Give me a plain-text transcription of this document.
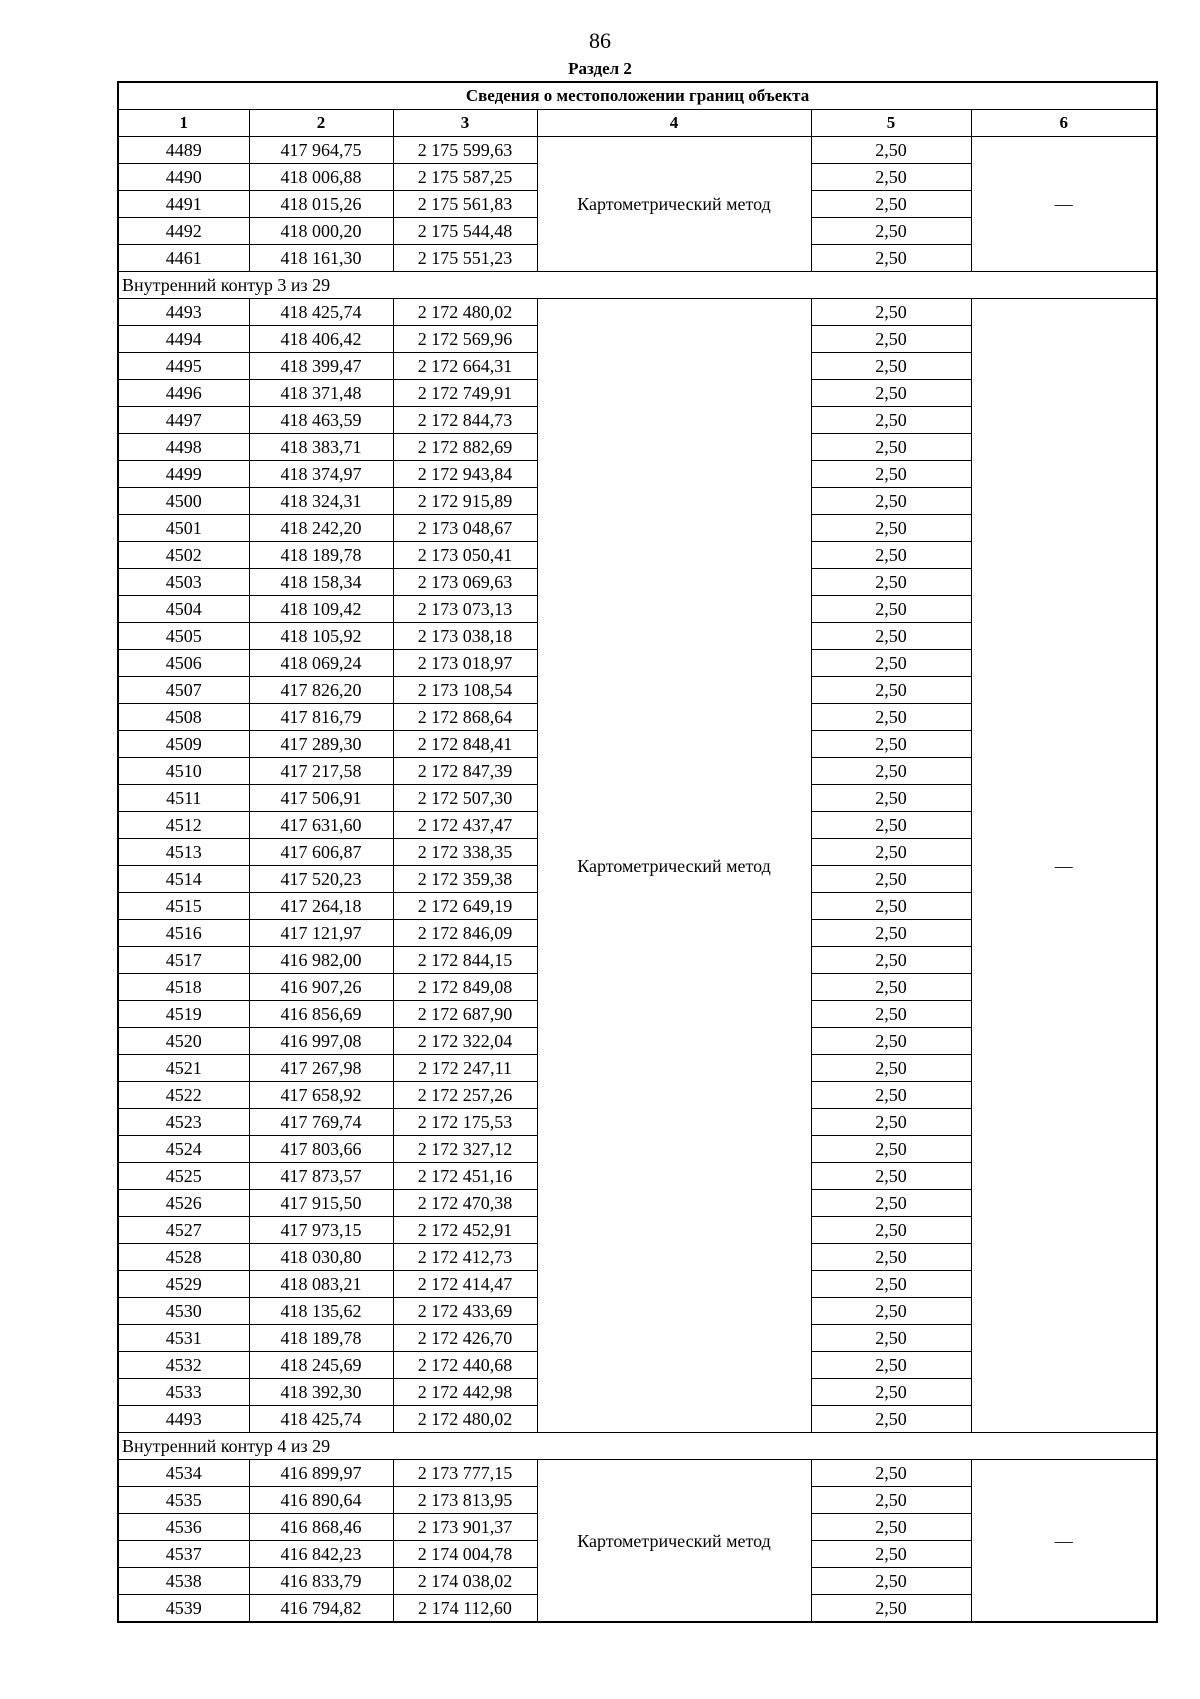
86
Раздел 2
Сведения о местоположении границ объекта					
1	2	3	4	5	6
4489	417 964,75	2 175 599,63	Картометрический метод	2,50	—
4490	418 006,88	2 175 587,25		2,50	
4491	418 015,26	2 175 561,83		2,50	
4492	418 000,20	2 175 544,48		2,50	
4461	418 161,30	2 175 551,23		2,50	
Внутренний контур 3 из 29					
4493	418 425,74	2 172 480,02	Картометрический метод	2,50	—
4494	418 406,42	2 172 569,96		2,50	
4495	418 399,47	2 172 664,31		2,50	
4496	418 371,48	2 172 749,91		2,50	
4497	418 463,59	2 172 844,73		2,50	
4498	418 383,71	2 172 882,69		2,50	
4499	418 374,97	2 172 943,84		2,50	
4500	418 324,31	2 172 915,89		2,50	
4501	418 242,20	2 173 048,67		2,50	
4502	418 189,78	2 173 050,41		2,50	
4503	418 158,34	2 173 069,63		2,50	
4504	418 109,42	2 173 073,13		2,50	
4505	418 105,92	2 173 038,18		2,50	
4506	418 069,24	2 173 018,97		2,50	
4507	417 826,20	2 173 108,54		2,50	
4508	417 816,79	2 172 868,64		2,50	
4509	417 289,30	2 172 848,41		2,50	
4510	417 217,58	2 172 847,39		2,50	
4511	417 506,91	2 172 507,30		2,50	
4512	417 631,60	2 172 437,47		2,50	
4513	417 606,87	2 172 338,35		2,50	
4514	417 520,23	2 172 359,38		2,50	
4515	417 264,18	2 172 649,19		2,50	
4516	417 121,97	2 172 846,09		2,50	
4517	416 982,00	2 172 844,15		2,50	
4518	416 907,26	2 172 849,08		2,50	
4519	416 856,69	2 172 687,90		2,50	
4520	416 997,08	2 172 322,04		2,50	
4521	417 267,98	2 172 247,11		2,50	
4522	417 658,92	2 172 257,26		2,50	
4523	417 769,74	2 172 175,53		2,50	
4524	417 803,66	2 172 327,12		2,50	
4525	417 873,57	2 172 451,16		2,50	
4526	417 915,50	2 172 470,38		2,50	
4527	417 973,15	2 172 452,91		2,50	
4528	418 030,80	2 172 412,73		2,50	
4529	418 083,21	2 172 414,47		2,50	
4530	418 135,62	2 172 433,69		2,50	
4531	418 189,78	2 172 426,70		2,50	
4532	418 245,69	2 172 440,68		2,50	
4533	418 392,30	2 172 442,98		2,50	
4493	418 425,74	2 172 480,02		2,50	
Внутренний контур 4 из 29					
4534	416 899,97	2 173 777,15	Картометрический метод	2,50	—
4535	416 890,64	2 173 813,95		2,50	
4536	416 868,46	2 173 901,37		2,50	
4537	416 842,23	2 174 004,78		2,50	
4538	416 833,79	2 174 038,02		2,50	
4539	416 794,82	2 174 112,60		2,50	
